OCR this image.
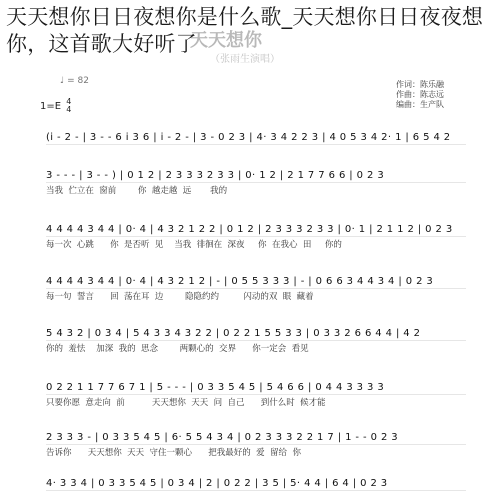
天天想你日日夜想你是什么歌_天天想你日日夜夜想你，这首歌大好听了
天天想你
（张雨生演唱）
♩ = 82
1=E 4
4
作词：陈乐融
作曲：陈志远
编曲：生产队
(i - 2 - | 3 - - 6 i 3 6 | i - 2 - | 3 - 0 2 3 | 4· 3 4 2 2 3 | 4 0 5 3 4 2· 1 | 6 5 4 2
3 - - - | 3 - - ) | 0 1 2 | 2 3 3 3 2 3 3 | 0· 1 2 | 2 1 7 7 6 6 | 0 2 3
当我  伫立在  窗前        你  越走越  远       我的
4 4 4 4 3 4 4 | 0· 4 | 4 3 2 1 2 2 | 0 1 2 | 2 3 3 3 2 3 3 | 0· 1 | 2 1 1 2 | 0 2 3
每一次  心跳      你  是否听  见    当我  徘徊在  深夜     你  在我心  田     你的
4 4 4 4 3 4 4 | 0· 4 | 4 3 2 1 2 | - | 0 5 5 3 3 3 | - | 0 6 6 3 4 4 3 4 | 0 2 3
每一句  誓言      回  荡在耳  边        隐隐约约         闪动的双  眼  藏着
5 4 3 2 | 0 3 4 | 5 4 3 3 4 3 2 2 | 0 2 2 1 5 5 3 3 | 0 3 3 2 6 6 4 4 | 4 2
你的  羞怯    加深  我的  思念        两颗心的  交界      你一定会  看见
0 2 2 1 1 7 7 6 7 1 | 5 - - - | 0 3 3 5 4 5 | 5 4 6 6 | 0 4 4 3 3 3 3
只要你愿  意走向  前          天天想你  天天  问  自己      到什么时  候才能
2 3 3 3 - | 0 3 3 5 4 5 | 6· 5 5 4 3 4 | 0 2 3 3 3 2 2 1 7 | 1 - - 0 2 3
告诉你      天天想你  天天  守住一颗心      把我最好的  爱  留给  你
4· 3 3 4 | 0 3 3 5 4 5 | 0 3 4 | 2 | 0 2 2 | 3 5 | 5· 4 4 | 6 4 | 0 2 3
